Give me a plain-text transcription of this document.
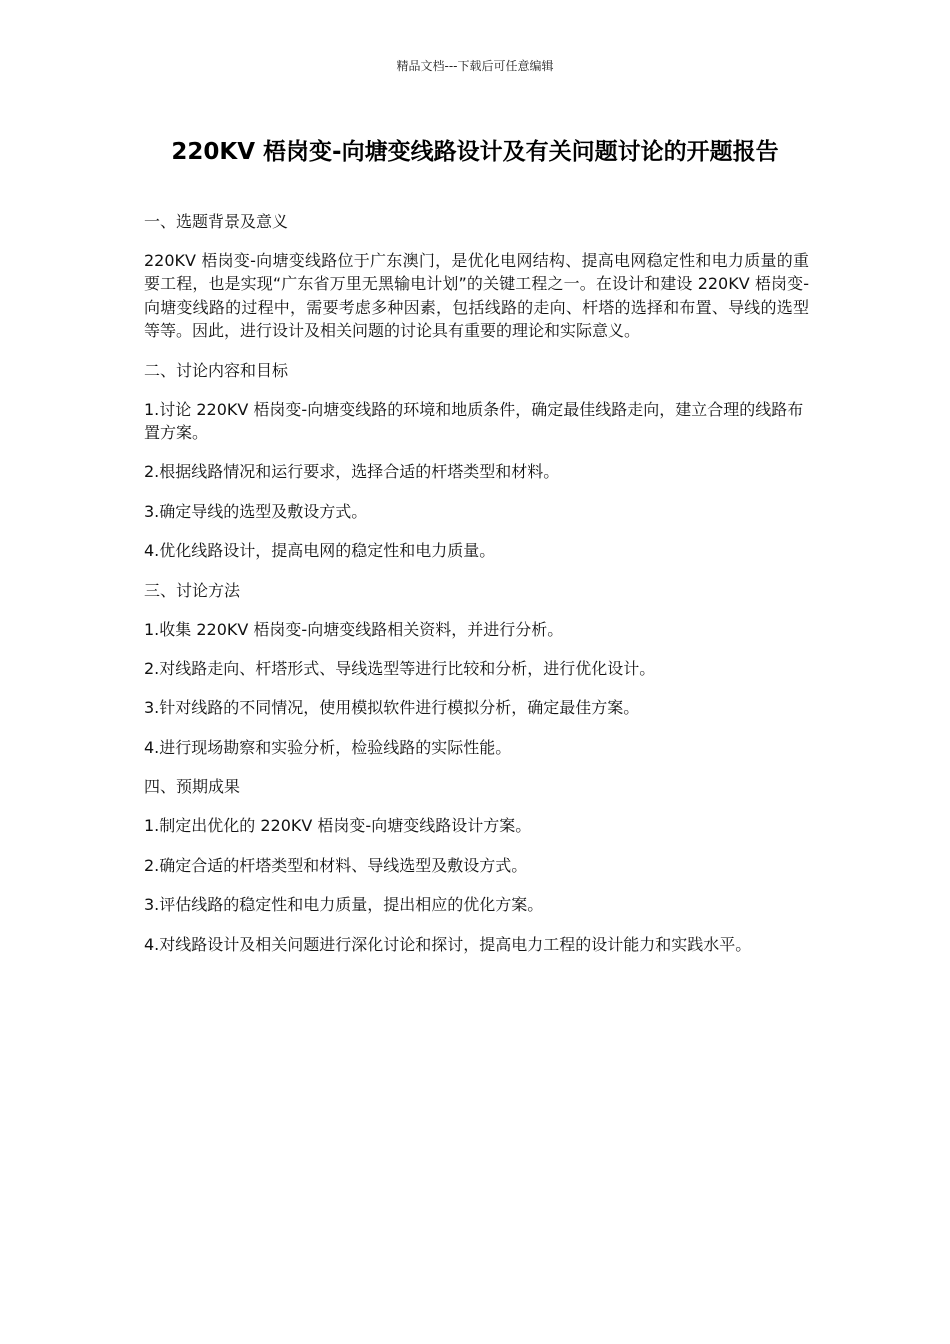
精品文档---下载后可任意编辑
220KV 梧岗变-向塘变线路设计及有关问题讨论的开题报告
一、选题背景及意义
220KV 梧岗变-向塘变线路位于广东澳门，是优化电网结构、提高电网稳定性和电力质量的重要工程，也是实现“广东省万里无黑输电计划”的关键工程之一。在设计和建设 220KV 梧岗变-向塘变线路的过程中，需要考虑多种因素，包括线路的走向、杆塔的选择和布置、导线的选型等等。因此，进行设计及相关问题的讨论具有重要的理论和实际意义。
二、讨论内容和目标
1.讨论 220KV 梧岗变-向塘变线路的环境和地质条件，确定最佳线路走向，建立合理的线路布置方案。
2.根据线路情况和运行要求，选择合适的杆塔类型和材料。
3.确定导线的选型及敷设方式。
4.优化线路设计，提高电网的稳定性和电力质量。
三、讨论方法
1.收集 220KV 梧岗变-向塘变线路相关资料，并进行分析。
2.对线路走向、杆塔形式、导线选型等进行比较和分析，进行优化设计。
3.针对线路的不同情况，使用模拟软件进行模拟分析，确定最佳方案。
4.进行现场勘察和实验分析，检验线路的实际性能。
四、预期成果
1.制定出优化的 220KV 梧岗变-向塘变线路设计方案。
2.确定合适的杆塔类型和材料、导线选型及敷设方式。
3.评估线路的稳定性和电力质量，提出相应的优化方案。
4.对线路设计及相关问题进行深化讨论和探讨，提高电力工程的设计能力和实践水平。
